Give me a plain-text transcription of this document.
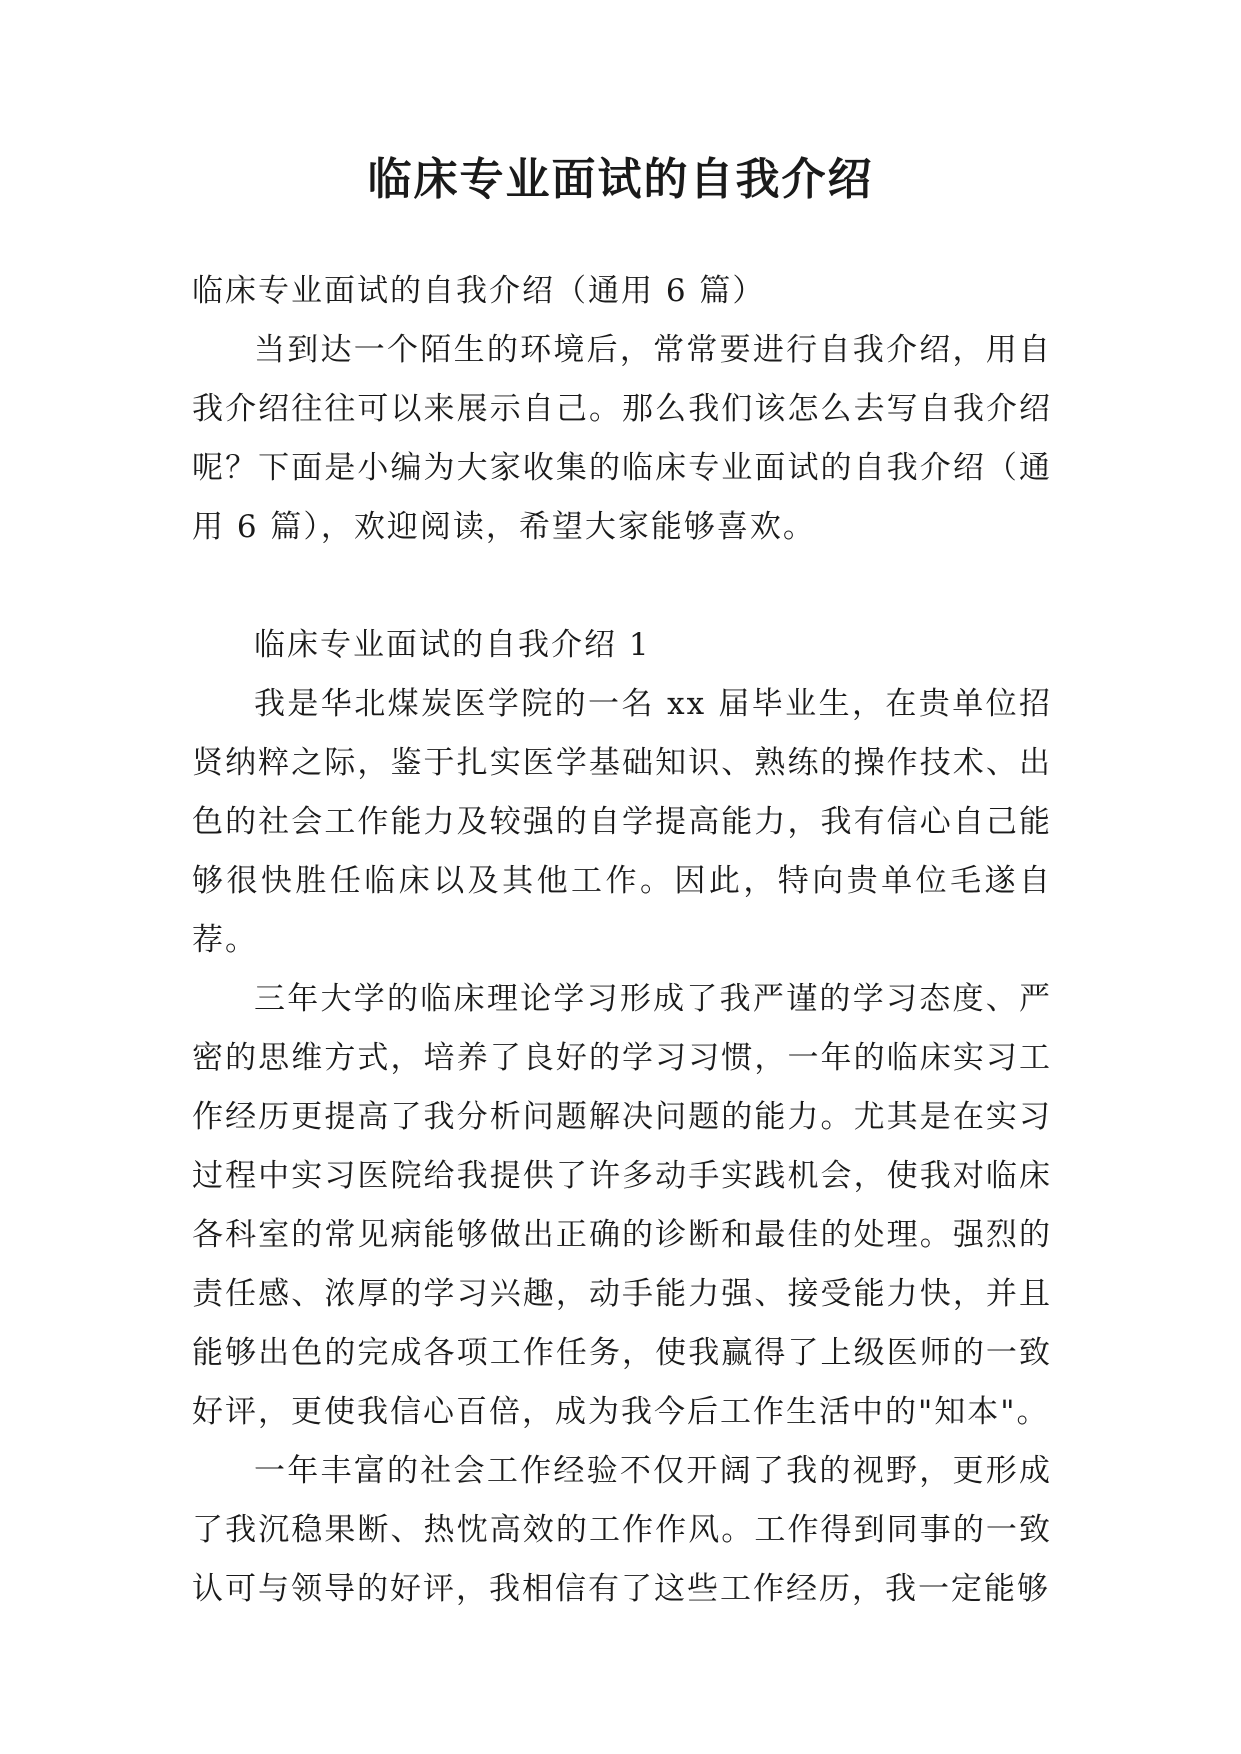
临床专业面试的自我介绍

临床专业面试的自我介绍（通用 6 篇）

当到达一个陌生的环境后，常常要进行自我介绍，用自我介绍往往可以来展示自己。那么我们该怎么去写自我介绍呢？下面是小编为大家收集的临床专业面试的自我介绍（通用 6 篇），欢迎阅读，希望大家能够喜欢。

临床专业面试的自我介绍 1

我是华北煤炭医学院的一名 xx 届毕业生，在贵单位招贤纳粹之际，鉴于扎实医学基础知识、熟练的操作技术、出色的社会工作能力及较强的自学提高能力，我有信心自己能够很快胜任临床以及其他工作。因此，特向贵单位毛遂自荐。

三年大学的临床理论学习形成了我严谨的学习态度、严密的思维方式，培养了良好的学习习惯，一年的临床实习工作经历更提高了我分析问题解决问题的能力。尤其是在实习过程中实习医院给我提供了许多动手实践机会，使我对临床各科室的常见病能够做出正确的诊断和最佳的处理。强烈的责任感、浓厚的学习兴趣，动手能力强、接受能力快，并且能够出色的完成各项工作任务，使我赢得了上级医师的一致好评，更使我信心百倍，成为我今后工作生活中的"知本"。

一年丰富的社会工作经验不仅开阔了我的视野，更形成了我沉稳果断、热忱高效的工作作风。工作得到同事的一致认可与领导的好评，我相信有了这些工作经历，我一定能够
